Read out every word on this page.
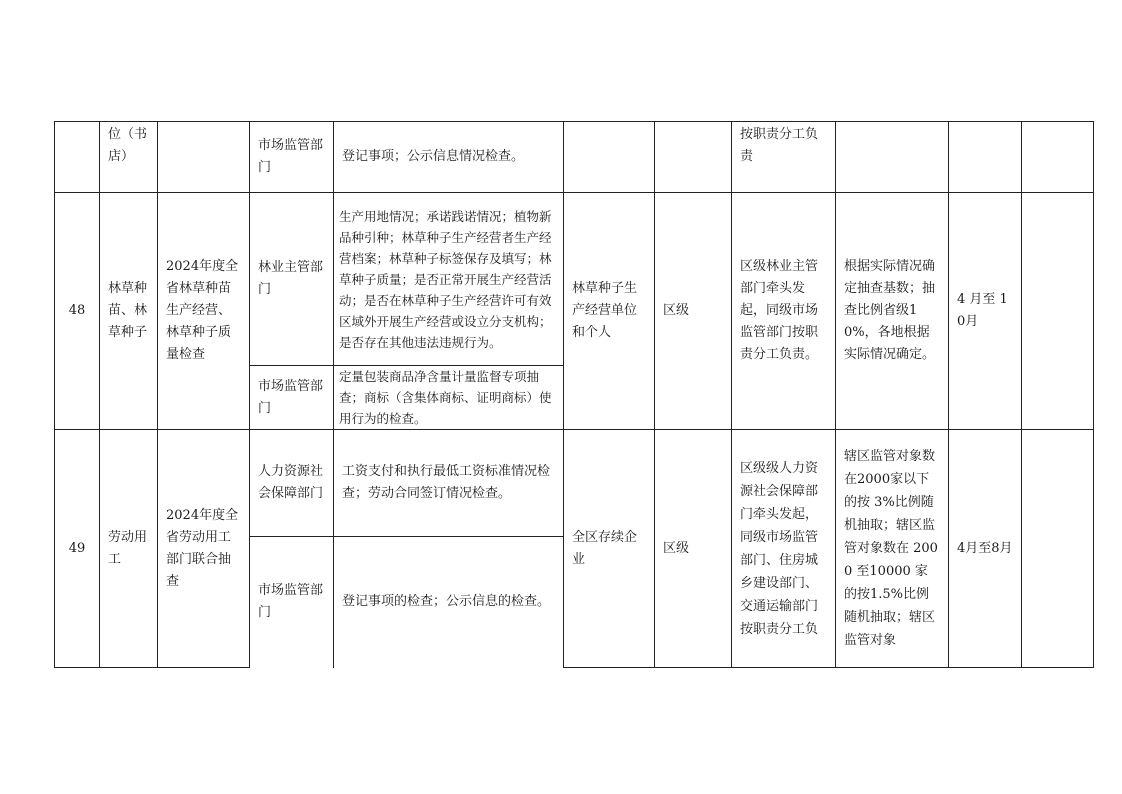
	位（书店）		市场监管部门	登记事项；公示信息情况检查。			按职责分工负责			
48	林草种苗、林草种子	2024年度全省林草种苗生产经营、林草种子质量检查	林业主管部门	生产用地情况；承诺践诺情况；植物新品种引种；林草种子生产经营者生产经营档案；林草种子标签保存及填写；林草种子质量；是否正常开展生产经营活动；是否在林草种子生产经营许可有效区域外开展生产经营或设立分支机构；是否存在其他违法违规行为。	林草种子生产经营单位和个人	区级	区级林业主管部门牵头发起，同级市场监管部门按职责分工负责。	根据实际情况确定抽查基数；抽查比例省级10%，各地根据实际情况确定。	4 月至 10月	
			市场监管部门	定量包装商品净含量计量监督专项抽查；商标（含集体商标、证明商标）使用行为的检查。						
49	劳动用工	2024年度全省劳动用工部门联合抽查	人力资源社会保障部门	工资支付和执行最低工资标准情况检查；劳动合同签订情况检查。	全区存续企业	区级	区级级人力资源社会保障部门牵头发起，同级市场监管部门、住房城乡建设部门、交通运输部门按职责分工负	辖区监管对象数在2000家以下的按 3%比例随机抽取；辖区监管对象数在 2000 至10000 家的按1.5%比例随机抽取；辖区监管对象	4月至8月	
			市场监管部门	登记事项的检查；公示信息的检查。						
